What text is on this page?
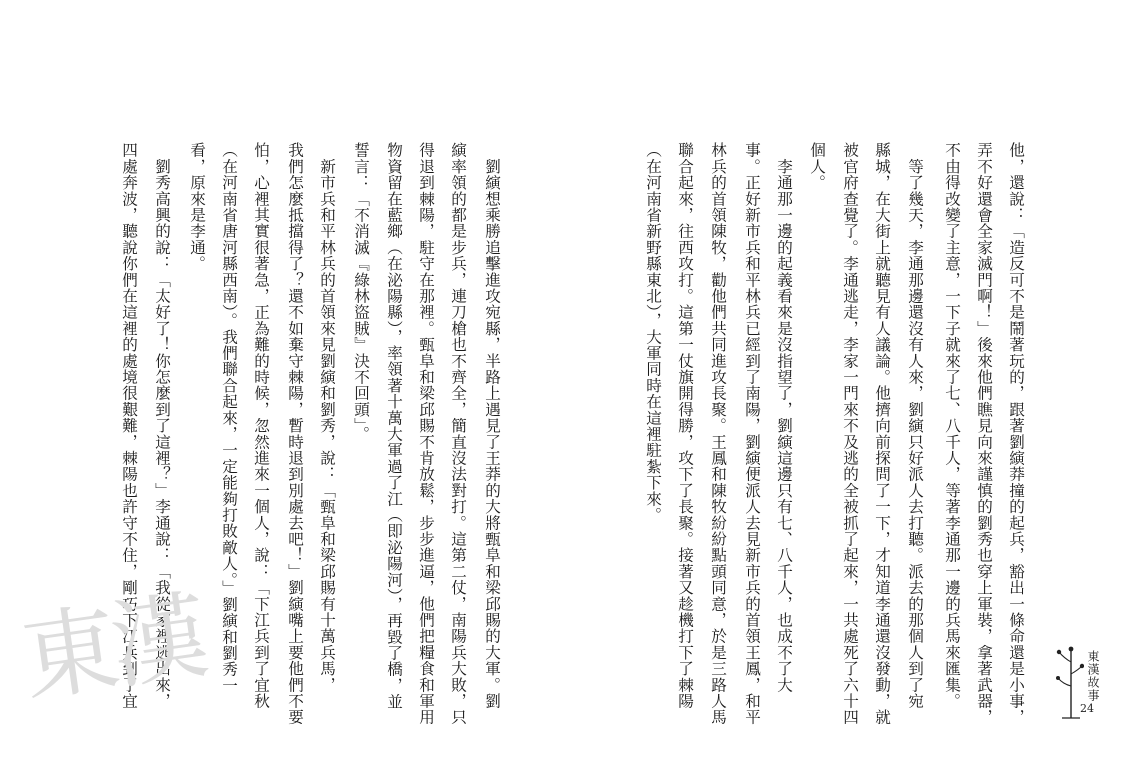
他，還說：「造反可不是鬧著玩的，跟著劉縯莽撞的起兵，豁出一條命還是小事，
弄不好還會全家滅門啊！」後來他們瞧見向來謹慎的劉秀也穿上軍裝，拿著武器，
不由得改變了主意，一下子就來了七、八千人，等著李通那一邊的兵馬來匯集。
　等了幾天，李通那邊還沒有人來，劉縯只好派人去打聽。派去的那個人到了宛
縣城，在大街上就聽見有人議論。他擠向前探問了一下，才知道李通還沒發動，就
被官府查覺了。李通逃走，李家一門來不及逃的全被抓了起來，一共處死了六十四
個人。
　李通那一邊的起義看來是沒指望了，劉縯這邊只有七、八千人，也成不了大
事。正好新市兵和平林兵已經到了南陽，劉縯便派人去見新市兵的首領王鳳，和平
林兵的首領陳牧，勸他們共同進攻長聚。王鳳和陳牧紛紛點頭同意，於是三路人馬
聯合起來，往西攻打。這第一仗旗開得勝，攻下了長聚。接著又趁機打下了棘陽
（在河南省新野縣東北），大軍同時在這裡駐紮下來。
　劉縯想乘勝追擊進攻宛縣，半路上遇見了王莽的大將甄阜和梁邱賜的大軍。劉
縯率領的都是步兵，連刀槍也不齊全，簡直沒法對打。這第二仗，南陽兵大敗，只
得退到棘陽，駐守在那裡。甄阜和梁邱賜不肯放鬆，步步進逼，他們把糧食和軍用
物資留在藍鄉（在泌陽縣），率領著十萬大軍過了江（即泌陽河），再毀了橋，並
誓言：「不消滅『綠林盜賊』決不回頭」。
　新市兵和平林兵的首領來見劉縯和劉秀，說：「甄阜和梁邱賜有十萬兵馬，
我們怎麼抵擋得了？還不如棄守棘陽，暫時退到別處去吧！」劉縯嘴上要他們不要
怕，心裡其實很著急，正為難的時候，忽然進來一個人，說：「下江兵到了宜秋
（在河南省唐河縣西南）。我們聯合起來，一定能夠打敗敵人。」劉縯和劉秀一
看，原來是李通。
　劉秀高興的說：「太好了！你怎麼到了這裡？」李通說：「我從家裡逃出來，
四處奔波，聽說你們在這裡的處境很艱難，棘陽也許守不住，剛巧下江兵到了宜
東漢	東漢故事
24
